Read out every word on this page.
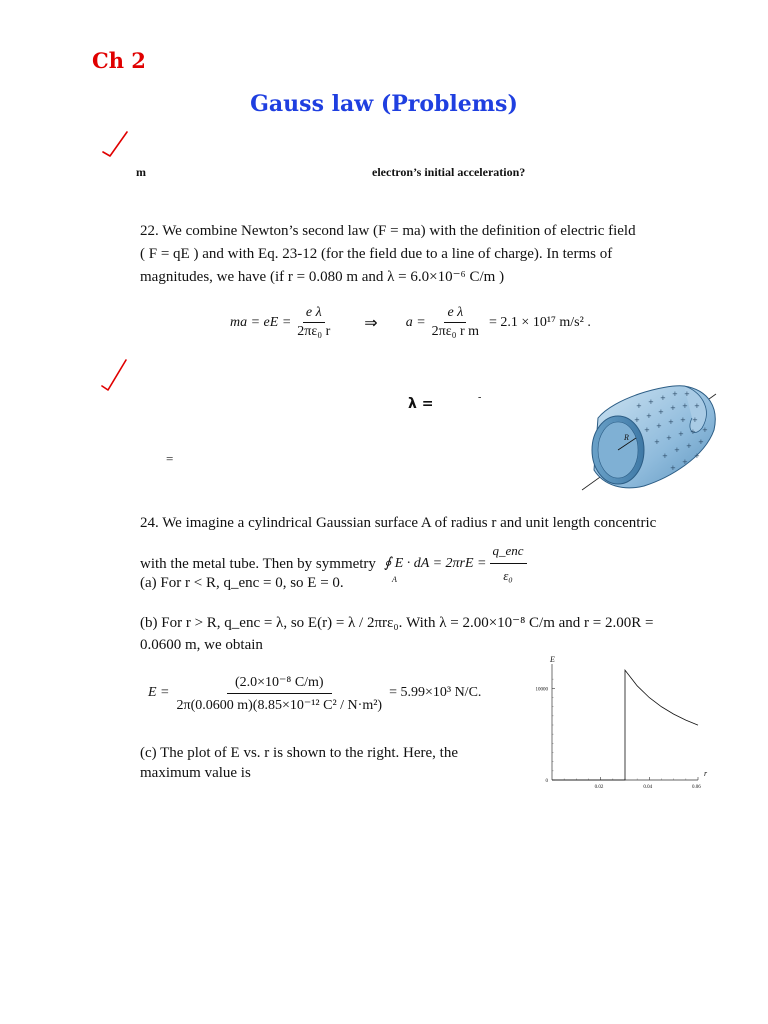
Ch 2
Gauss law (Problems)
m	electron’s initial acceleration?
22. We combine Newton’s second law (F = ma) with the definition of electric field
( F = qE ) and with Eq. 23-12 (for the field due to a line of charge). In terms of
magnitudes, we have (if r = 0.080 m and λ = 6.0×10⁻⁶ C/m )
ma = eE = $\frac{\text{e λ}}{\text{2πε₀ r}}$ ⇒ $a = \frac{\text{e λ}}{\text{2πε₀ r m}} = 2.1 \times 10^{17}$ m/s² .
λ =	-
=
R
+ + + + +
+ + + + + +
+ + + + +
+ + + + +
+
+ + +
+
+
+
24. We imagine a cylindrical Gaussian surface A of radius r and unit length concentric
with the metal tube. Then by symmetry ∮ E · dA = 2πrE =
A	$\frac{\text{q\_enc}}{\text{ε₀}}$
(a) For r < R, q_enc = 0, so E = 0.
(b) For r > R, q_enc = λ, so E(r) = λ / 2πrε₀. With λ = 2.00×10⁻⁸ C/m and r = 2.00R =
0.0600 m, we obtain
$E = \frac{\text{(2.0×10⁻⁸ C/m)}}{\text{2π(0.0600 m)(8.85×10⁻¹² C² / N·m²)}} = 5.99\times 10^3$ N/C.
(c) The plot of E vs. r is shown to the right. Here, the
maximum value is
E
r
0.02	0.04	0.06
0
10000
